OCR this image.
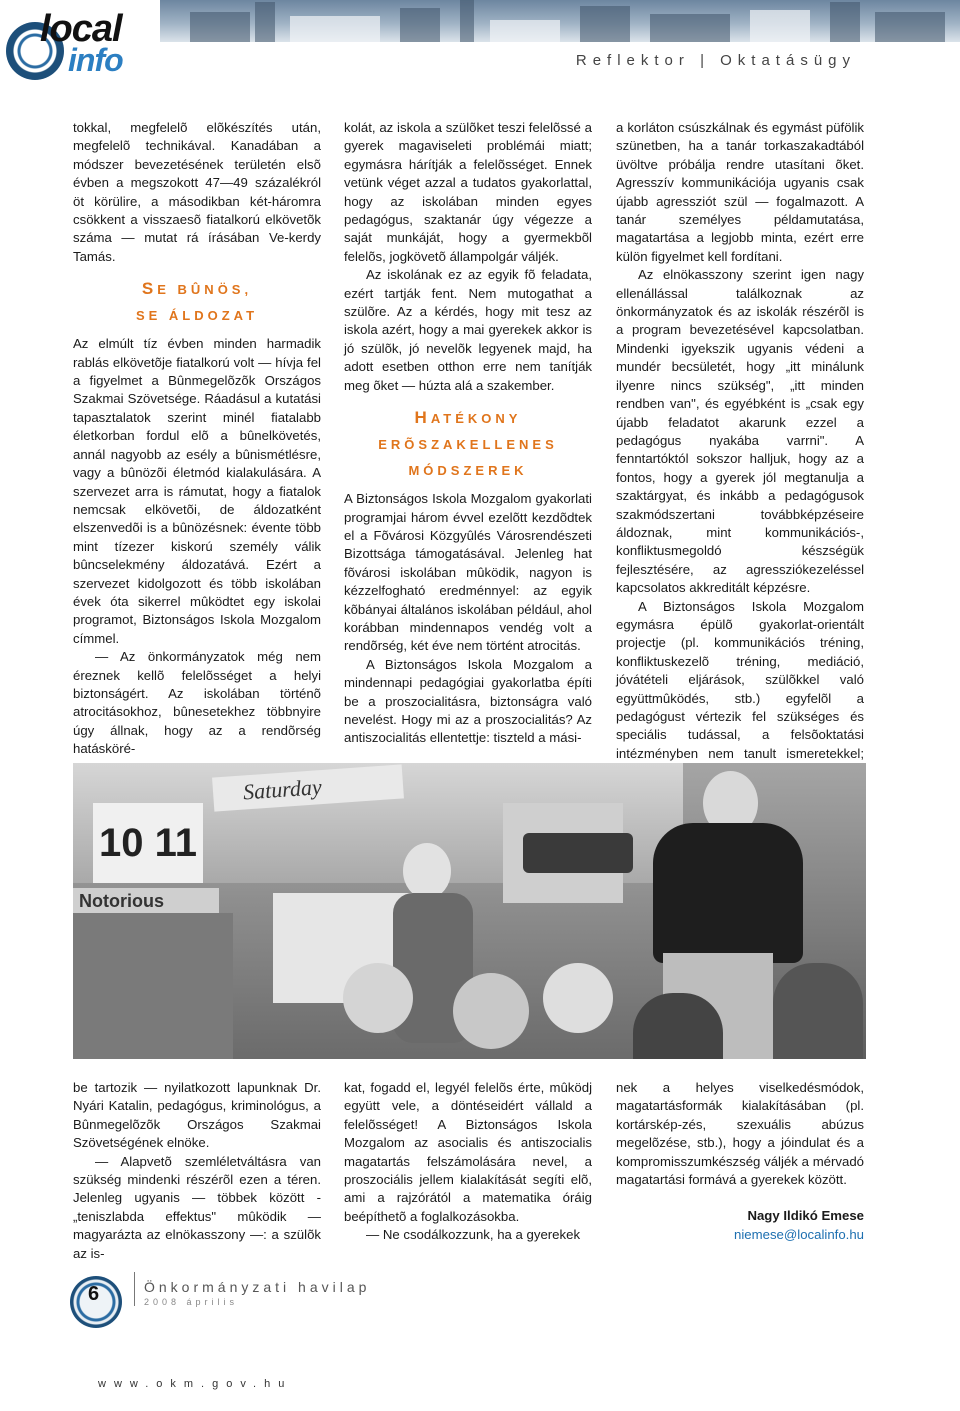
local
info	Reflektor | Oktatásügy

tokkal, megfelelõ elõkészítés után, megfelelõ technikával. Kanadában a módszer bevezetésének területén elsõ évben a megszokott 47—49 százalékról öt körülire, a másodikban két-háromra csökkent a visszaesõ fiatalkorú elkövetõk száma — mutat rá írásában Ve-kerdy Tamás.

SE BÛNÖS,
SE ÁLDOZAT

Az elmúlt tíz évben minden harmadik rablás elkövetõje fiatalkorú volt — hívja fel a figyelmet a Bûnmegelõzõk Országos Szakmai Szövetsége. Ráadásul a kutatási tapasztalatok szerint minél fiatalabb életkorban fordul elõ a bûnelkövetés, annál nagyobb az esély a bûnismétlésre, vagy a bûnözõi életmód kialakulására. A szervezet arra is rámutat, hogy a fiatalok nemcsak elkövetõi, de áldozatként elszenvedõi is a bûnözésnek: évente több mint tízezer kiskorú személy válik bûncselekmény áldozatává. Ezért a szervezet kidolgozott és több iskolában évek óta sikerrel mûködtet egy iskolai programot, Biztonságos Iskola Mozgalom címmel.

— Az önkormányzatok még nem éreznek kellõ felelõsséget a helyi biztonságért. Az iskolában történõ atrocitásokhoz, bûnesetekhez többnyire úgy állnak, hogy az a rendõrség hatásköré-

kolát, az iskola a szülõket teszi felelõssé a gyerek magaviseleti problémái miatt; egymásra hárítják a felelõsséget. Ennek vetünk véget azzal a tudatos gyakorlattal, hogy az iskolában minden egyes pedagógus, szaktanár úgy végezze a saját munkáját, hogy a gyermekbõl felelõs, jogkövetõ állampolgár váljék.

Az iskolának ez az egyik fõ feladata, ezért tartják fent. Nem mutogathat a szülõre. Az a kérdés, hogy mit tesz az iskola azért, hogy a mai gyerekek akkor is jó szülõk, jó nevelõk legyenek majd, ha adott esetben otthon erre nem tanítják meg õket — húzta alá a szakember.

HATÉKONY ERÕSZAKELLENES
MÓDSZEREK

A Biztonságos Iskola Mozgalom gyakorlati programjai három évvel ezelõtt kezdõdtek el a Fõvárosi Közgyûlés Városrendészeti Bizottsága támogatásával. Jelenleg hat fõvárosi iskolában mûködik, nagyon is kézzelfogható eredménnyel: az egyik kõbányai általános iskolában például, ahol korábban mindennapos vendég volt a rendõrség, két éve nem történt atrocitás.

A Biztonságos Iskola Mozgalom a mindennapi pedagógiai gyakorlatba építi be a proszocialitásra, biztonságra való nevelést. Hogy mi az a proszocialitás? Az antiszocialitás ellentettje: tiszteld a mási-

a korláton csúszkálnak és egymást püfölik szünetben, ha a tanár torkaszakadtából üvöltve próbálja rendre utasítani õket. Agresszív kommunikációja ugyanis csak újabb agressziót szül — fogalmazott. A tanár személyes példamutatása, magatartása a legjobb minta, ezért erre külön figyelmet kell fordítani.

Az elnökasszony szerint igen nagy ellenállással találkoznak az önkormányzatok és az iskolák részérõl is a program bevezetésével kapcsolatban. Mindenki igyekszik ugyanis védeni a mundér becsületét, hogy „itt minálunk ilyenre nincs szükség", „itt minden rendben van", és egyébként is „csak egy újabb feladatot akarunk ezzel a pedagógus nyakába varrni". A fenntartóktól sokszor halljuk, hogy az a fontos, hogy a gyerek jól megtanulja a szaktárgyat, és inkább a pedagógusok szakmódszertani továbbképzéseire áldoznak, mint kommunikációs-, konfliktusmegoldó készségük fejlesztésére, az agressziókezeléssel kapcsolatos akkreditált képzésre.

A Biztonságos Iskola Mozgalom egymásra épülõ gyakorlat-orientált projectje (pl. kommunikációs tréning, konfliktuskezelõ tréning, mediáció, jóvátételi eljárások, szülõkkel való együttmûködés, stb.) egyfelõl a pedagógust vértezik fel szükséges és speciális tudással, a felsõoktatási intézményben nem tanult ismeretekkel;

Saturday
10 11
Notorious

be tartozik — nyilatkozott lapunknak Dr. Nyári Katalin, pedagógus, kriminológus, a Bûnmegelõzõk Országos Szakmai Szövetségének elnöke.

— Alapvetõ szemléletváltásra van szükség mindenki részérõl ezen a téren. Jelenleg ugyanis — többek között - „teniszlabda effektus" mûködik — magyarázta az elnökasszony —: a szülõk az is-

kat, fogadd el, legyél felelõs érte, mûködj együtt vele, a döntéseidért vállald a felelõsséget! A Biztonságos Iskola Mozgalom az asocialis és antiszocialis magatartás felszámolására nevel, a proszociális jellem kialakítását segíti elõ, ami a rajzórától a matematika óráig beépíthetõ a foglalkozásokba.

— Ne csodálkozzunk, ha a gyerekek

nek a helyes viselkedésmódok, magatartásformák kialakításában (pl. kortárskép-zés, szexuális abúzus megelõzése, stb.), hogy a jóindulat és a kompromisszumkészség váljék a mérvadó magatartási formává a gyerekek között.

Nagy Ildikó Emese
niemese@localinfo.hu
6	Önkormányzati havilap
2008 április
www.okm.gov.hu
